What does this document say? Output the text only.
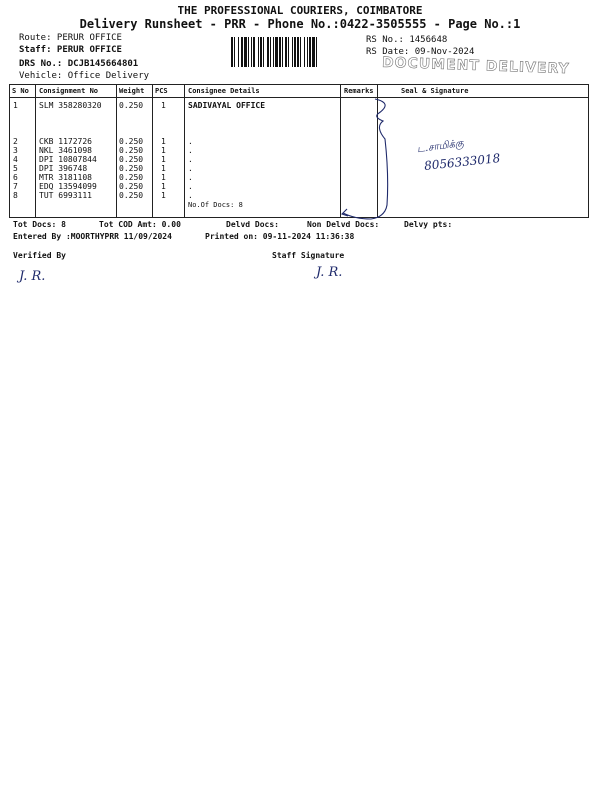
THE PROFESSIONAL COURIERS, COIMBATORE
Delivery Runsheet - PRR - Phone No.:0422-3505555 - Page No.:1
Route: PERUR OFFICE
Staff: PERUR OFFICE
DRS No.: DCJB145664801
Vehicle: Office Delivery
RS No.: 1456648
RS Date: 09-Nov-2024
DOCUMENT DELIVERY
S No Consignment No	Weight PCS	Consignee Details	Remarks	Seal & Signature
1	SLM 358280320 0.250 1	SADIVAYAL OFFICE
2	CKB 1172726	0.250 1	.
3	NKL 3461098	0.250 1	.
4	DPI 10807844	0.250 1	.
5	DPI 396748	0.250 1	.
6	MTR 3181108	0.250 1	.
7	EDQ 13594099	0.250 1	.
8	TUT 6993111	0.250 1	.
No.Of Docs: 8
ட.சாமிக்கு
8056333018
Tot Docs: 8	Tot COD Amt: 0.00	Delvd Docs:	Non Delvd Docs:	Delvy pts:
Entered By :MOORTHYPRR 11/09/2024	Printed on: 09-11-2024 11:36:38
Verified By	Staff Signature
J. R.	J. R.
